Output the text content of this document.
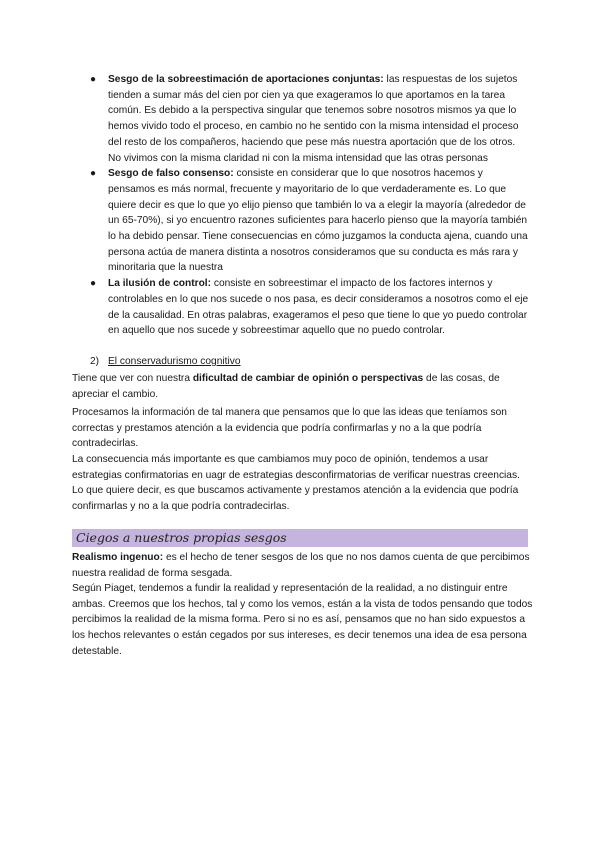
● Sesgo de la sobreestimación de aportaciones conjuntas: las respuestas de los sujetos tienden a sumar más del cien por cien ya que exageramos lo que aportamos en la tarea común. Es debido a la perspectiva singular que tenemos sobre nosotros mismos ya que lo hemos vivido todo el proceso, en cambio no he sentido con la misma intensidad el proceso del resto de los compañeros, haciendo que pese más nuestra aportación que de los otros.
No vivimos con la misma claridad ni con la misma intensidad que las otras personas
● Sesgo de falso consenso: consiste en considerar que lo que nosotros hacemos y pensamos es más normal, frecuente y mayoritario de lo que verdaderamente es. Lo que quiere decir es que lo que yo elijo pienso que también lo va a elegir la mayoría (alrededor de un 65-70%), si yo encuentro razones suficientes para hacerlo pienso que la mayoría también lo ha debido pensar. Tiene consecuencias en cómo juzgamos la conducta ajena, cuando una persona actúa de manera distinta a nosotros consideramos que su conducta es más rara y minoritaria que la nuestra
● La ilusión de control: consiste en sobreestimar el impacto de los factores internos y controlables en lo que nos sucede o nos pasa, es decir consideramos a nosotros como el eje de la causalidad. En otras palabras, exageramos el peso que tiene lo que yo puedo controlar en aquello que nos sucede y sobreestimar aquello que no puedo controlar.
2) El conservadurismo cognitivo

Tiene que ver con nuestra dificultad de cambiar de opinión o perspectivas de las cosas, de apreciar el cambio.

Procesamos la información de tal manera que pensamos que lo que las ideas que teníamos son correctas y prestamos atención a la evidencia que podría confirmarlas y no a la que podría contradecirlas.

La consecuencia más importante es que cambiamos muy poco de opinión, tendemos a usar estrategias confirmatorias en uagr de estrategias desconfirmatorias de verificar nuestras creencias. Lo que quiere decir, es que buscamos activamente y prestamos atención a la evidencia que podría confirmarlas y no a la que podría contradecirlas.

Ciegos a nuestros propias sesgos

Realismo ingenuo: es el hecho de tener sesgos de los que no nos damos cuenta de que percibimos nuestra realidad de forma sesgada.

Según Piaget, tendemos a fundir la realidad y representación de la realidad, a no distinguir entre ambas. Creemos que los hechos, tal y como los vemos, están a la vista de todos pensando que todos percibimos la realidad de la misma forma. Pero si no es así, pensamos que no han sido expuestos a los hechos relevantes o están cegados por sus intereses, es decir tenemos una idea de esa persona detestable.
